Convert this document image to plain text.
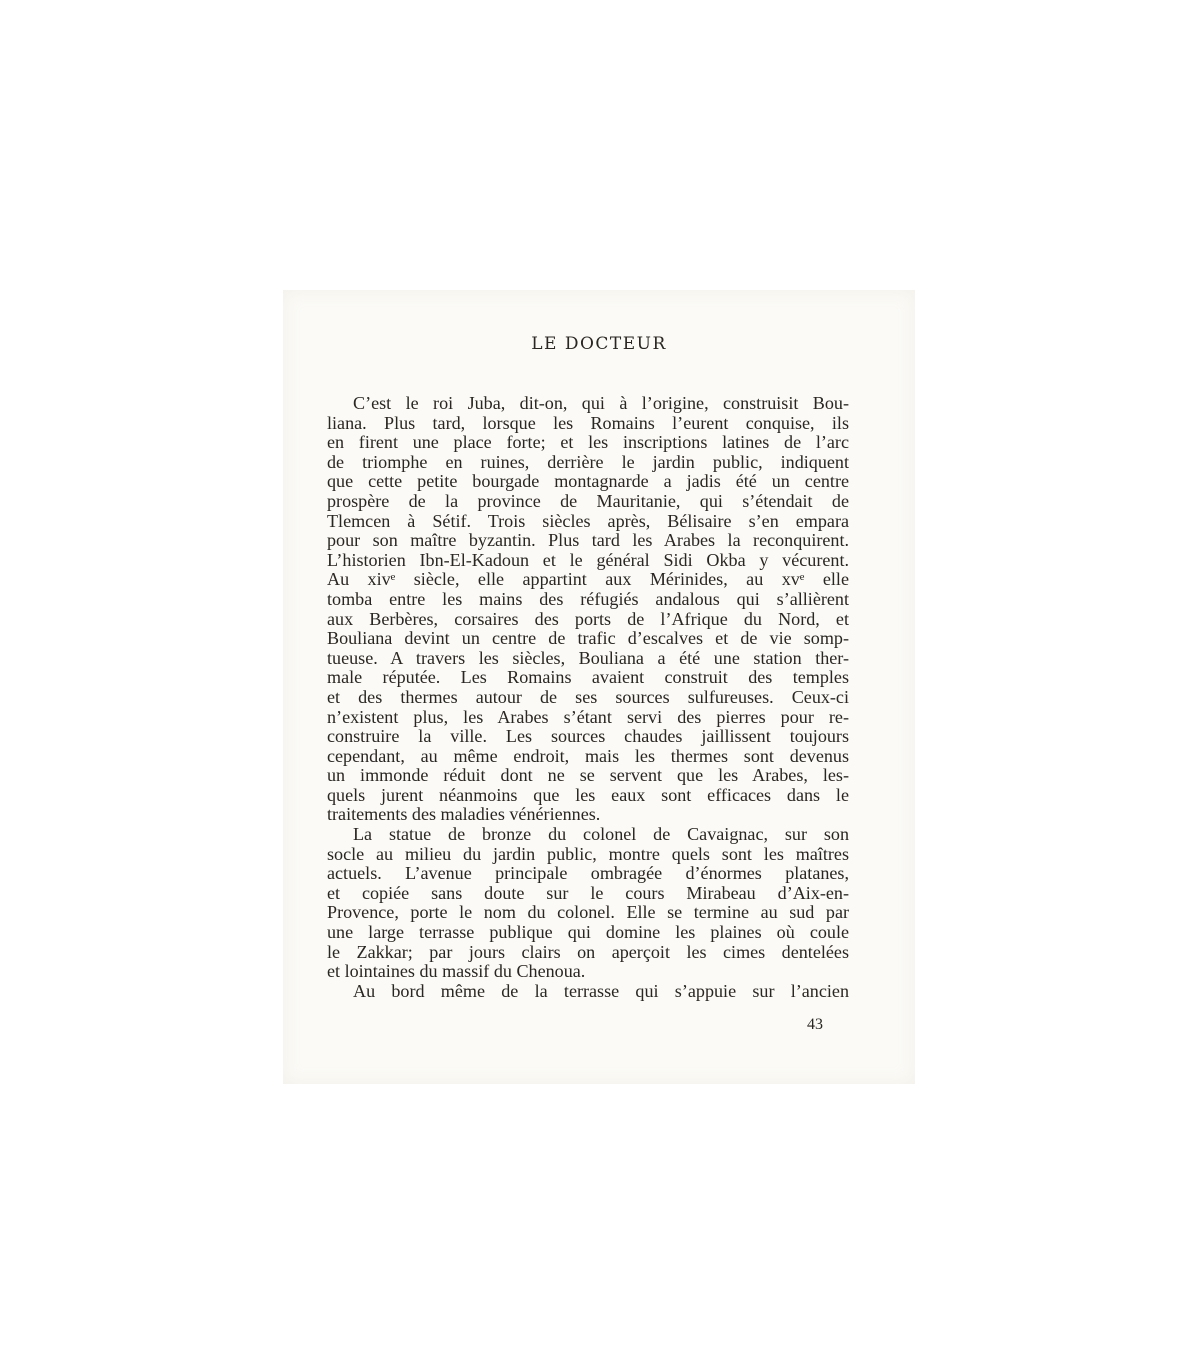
LE DOCTEUR
C’est le roi Juba, dit-on, qui à l’origine, construisit Bou-
liana. Plus tard, lorsque les Romains l’eurent conquise, ils
en firent une place forte; et les inscriptions latines de l’arc
de triomphe en ruines, derrière le jardin public, indiquent
que cette petite bourgade montagnarde a jadis été un centre
prospère de la province de Mauritanie, qui s’étendait de
Tlemcen à Sétif. Trois siècles après, Bélisaire s’en empara
pour son maître byzantin. Plus tard les Arabes la reconquirent.
L’historien Ibn-El-Kadoun et le général Sidi Okba y vécurent.
Au xivᵉ siècle, elle appartint aux Mérinides, au xvᵉ elle
tomba entre les mains des réfugiés andalous qui s’allièrent
aux Berbères, corsaires des ports de l’Afrique du Nord, et
Bouliana devint un centre de trafic d’escalves et de vie somp-
tueuse. A travers les siècles, Bouliana a été une station ther-
male réputée. Les Romains avaient construit des temples
et des thermes autour de ses sources sulfureuses. Ceux-ci
n’existent plus, les Arabes s’étant servi des pierres pour re-
construire la ville. Les sources chaudes jaillissent toujours
cependant, au même endroit, mais les thermes sont devenus
un immonde réduit dont ne se servent que les Arabes, les-
quels jurent néanmoins que les eaux sont efficaces dans le
traitements des maladies vénériennes.
La statue de bronze du colonel de Cavaignac, sur son
socle au milieu du jardin public, montre quels sont les maîtres
actuels. L’avenue principale ombragée d’énormes platanes,
et copiée sans doute sur le cours Mirabeau d’Aix-en-
Provence, porte le nom du colonel. Elle se termine au sud par
une large terrasse publique qui domine les plaines où coule
le Zakkar; par jours clairs on aperçoit les cimes dentelées
et lointaines du massif du Chenoua.
Au bord même de la terrasse qui s’appuie sur l’ancien
43
